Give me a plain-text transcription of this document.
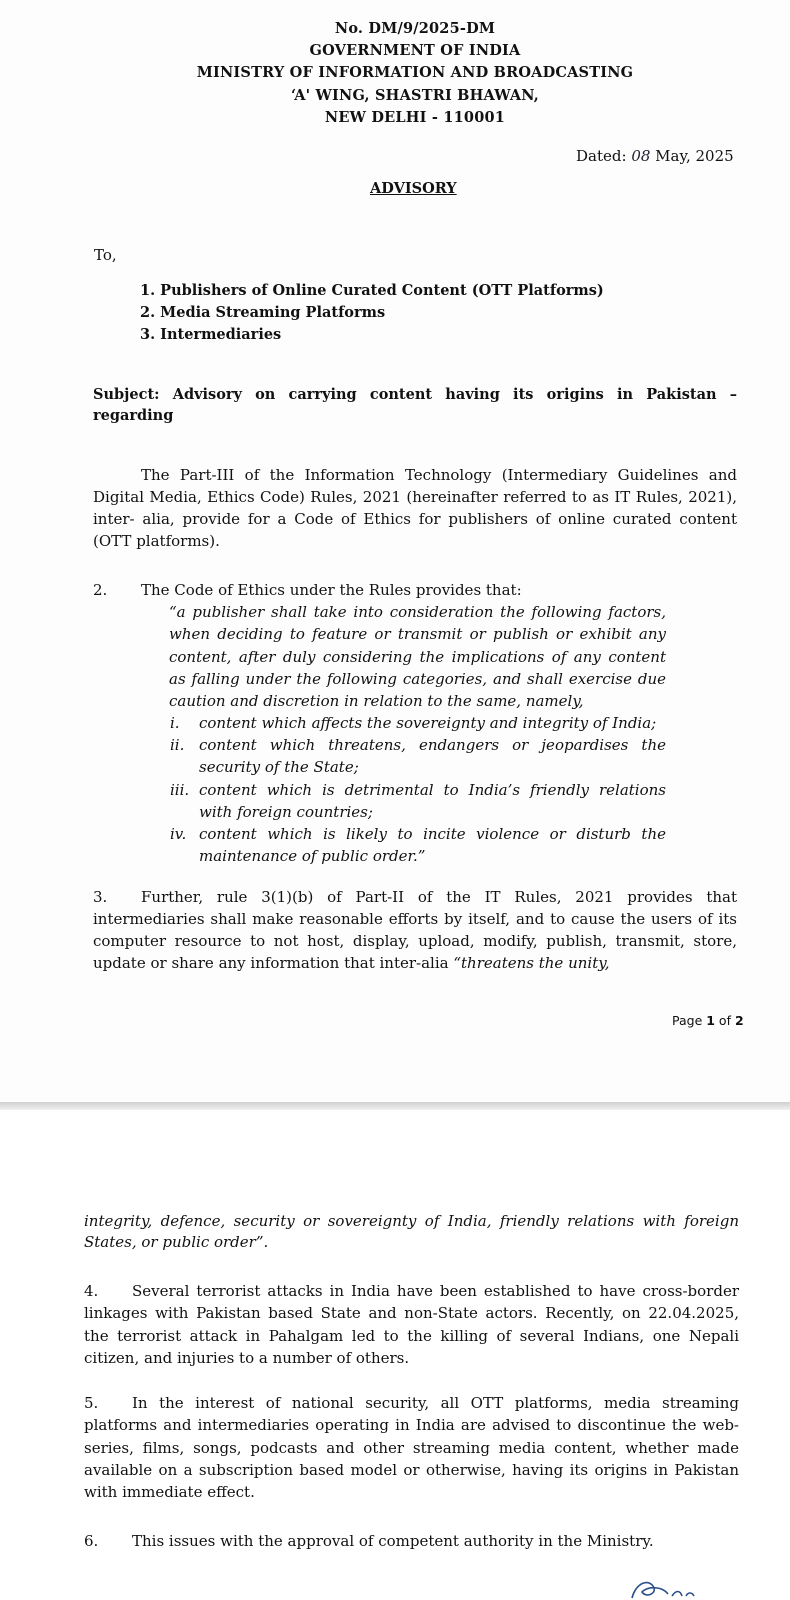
No. DM/9/2025-DM
GOVERNMENT OF INDIA
MINISTRY OF INFORMATION AND BROADCASTING
‘A' WING, SHASTRI BHAWAN,
NEW DELHI - 110001
Dated: 08 May, 2025
ADVISORY
To,
1. Publishers of Online Curated Content (OTT Platforms)
2. Media Streaming Platforms
3. Intermediaries
Subject: Advisory on carrying content having its origins in Pakistan – regarding
The Part-III of the Information Technology (Intermediary Guidelines and Digital Media, Ethics Code) Rules, 2021 (hereinafter referred to as IT Rules, 2021), inter- alia, provide for a Code of Ethics for publishers of online curated content (OTT platforms).
2. The Code of Ethics under the Rules provides that:
“a publisher shall take into consideration the following factors, when deciding to feature or transmit or publish or exhibit any content, after duly considering the implications of any content as falling under the following categories, and shall exercise due caution and discretion in relation to the same, namely,
i. content which affects the sovereignty and integrity of India;
ii. content which threatens, endangers or jeopardises the security of the State;
iii. content which is detrimental to India’s friendly relations with foreign countries;
iv. content which is likely to incite violence or disturb the maintenance of public order.”
3.	Further, rule 3(1)(b) of Part-II of the IT Rules, 2021 provides that intermediaries shall make reasonable efforts by itself, and to cause the users of its computer resource to not host, display, upload, modify, publish, transmit, store, update or share any information that inter-alia “threatens the unity,
Page 1 of 2
integrity, defence, security or sovereignty of India, friendly relations with foreign States, or public order”.
4.	Several terrorist attacks in India have been established to have cross-border linkages with Pakistan based State and non-State actors. Recently, on 22.04.2025, the terrorist attack in Pahalgam led to the killing of several Indians, one Nepali citizen, and injuries to a number of others.
5.	In the interest of national security, all OTT platforms, media streaming platforms and intermediaries operating in India are advised to discontinue the web-series, films, songs, podcasts and other streaming media content, whether made available on a subscription based model or otherwise, having its origins in Pakistan with immediate effect.
6. This issues with the approval of competent authority in the Ministry.
